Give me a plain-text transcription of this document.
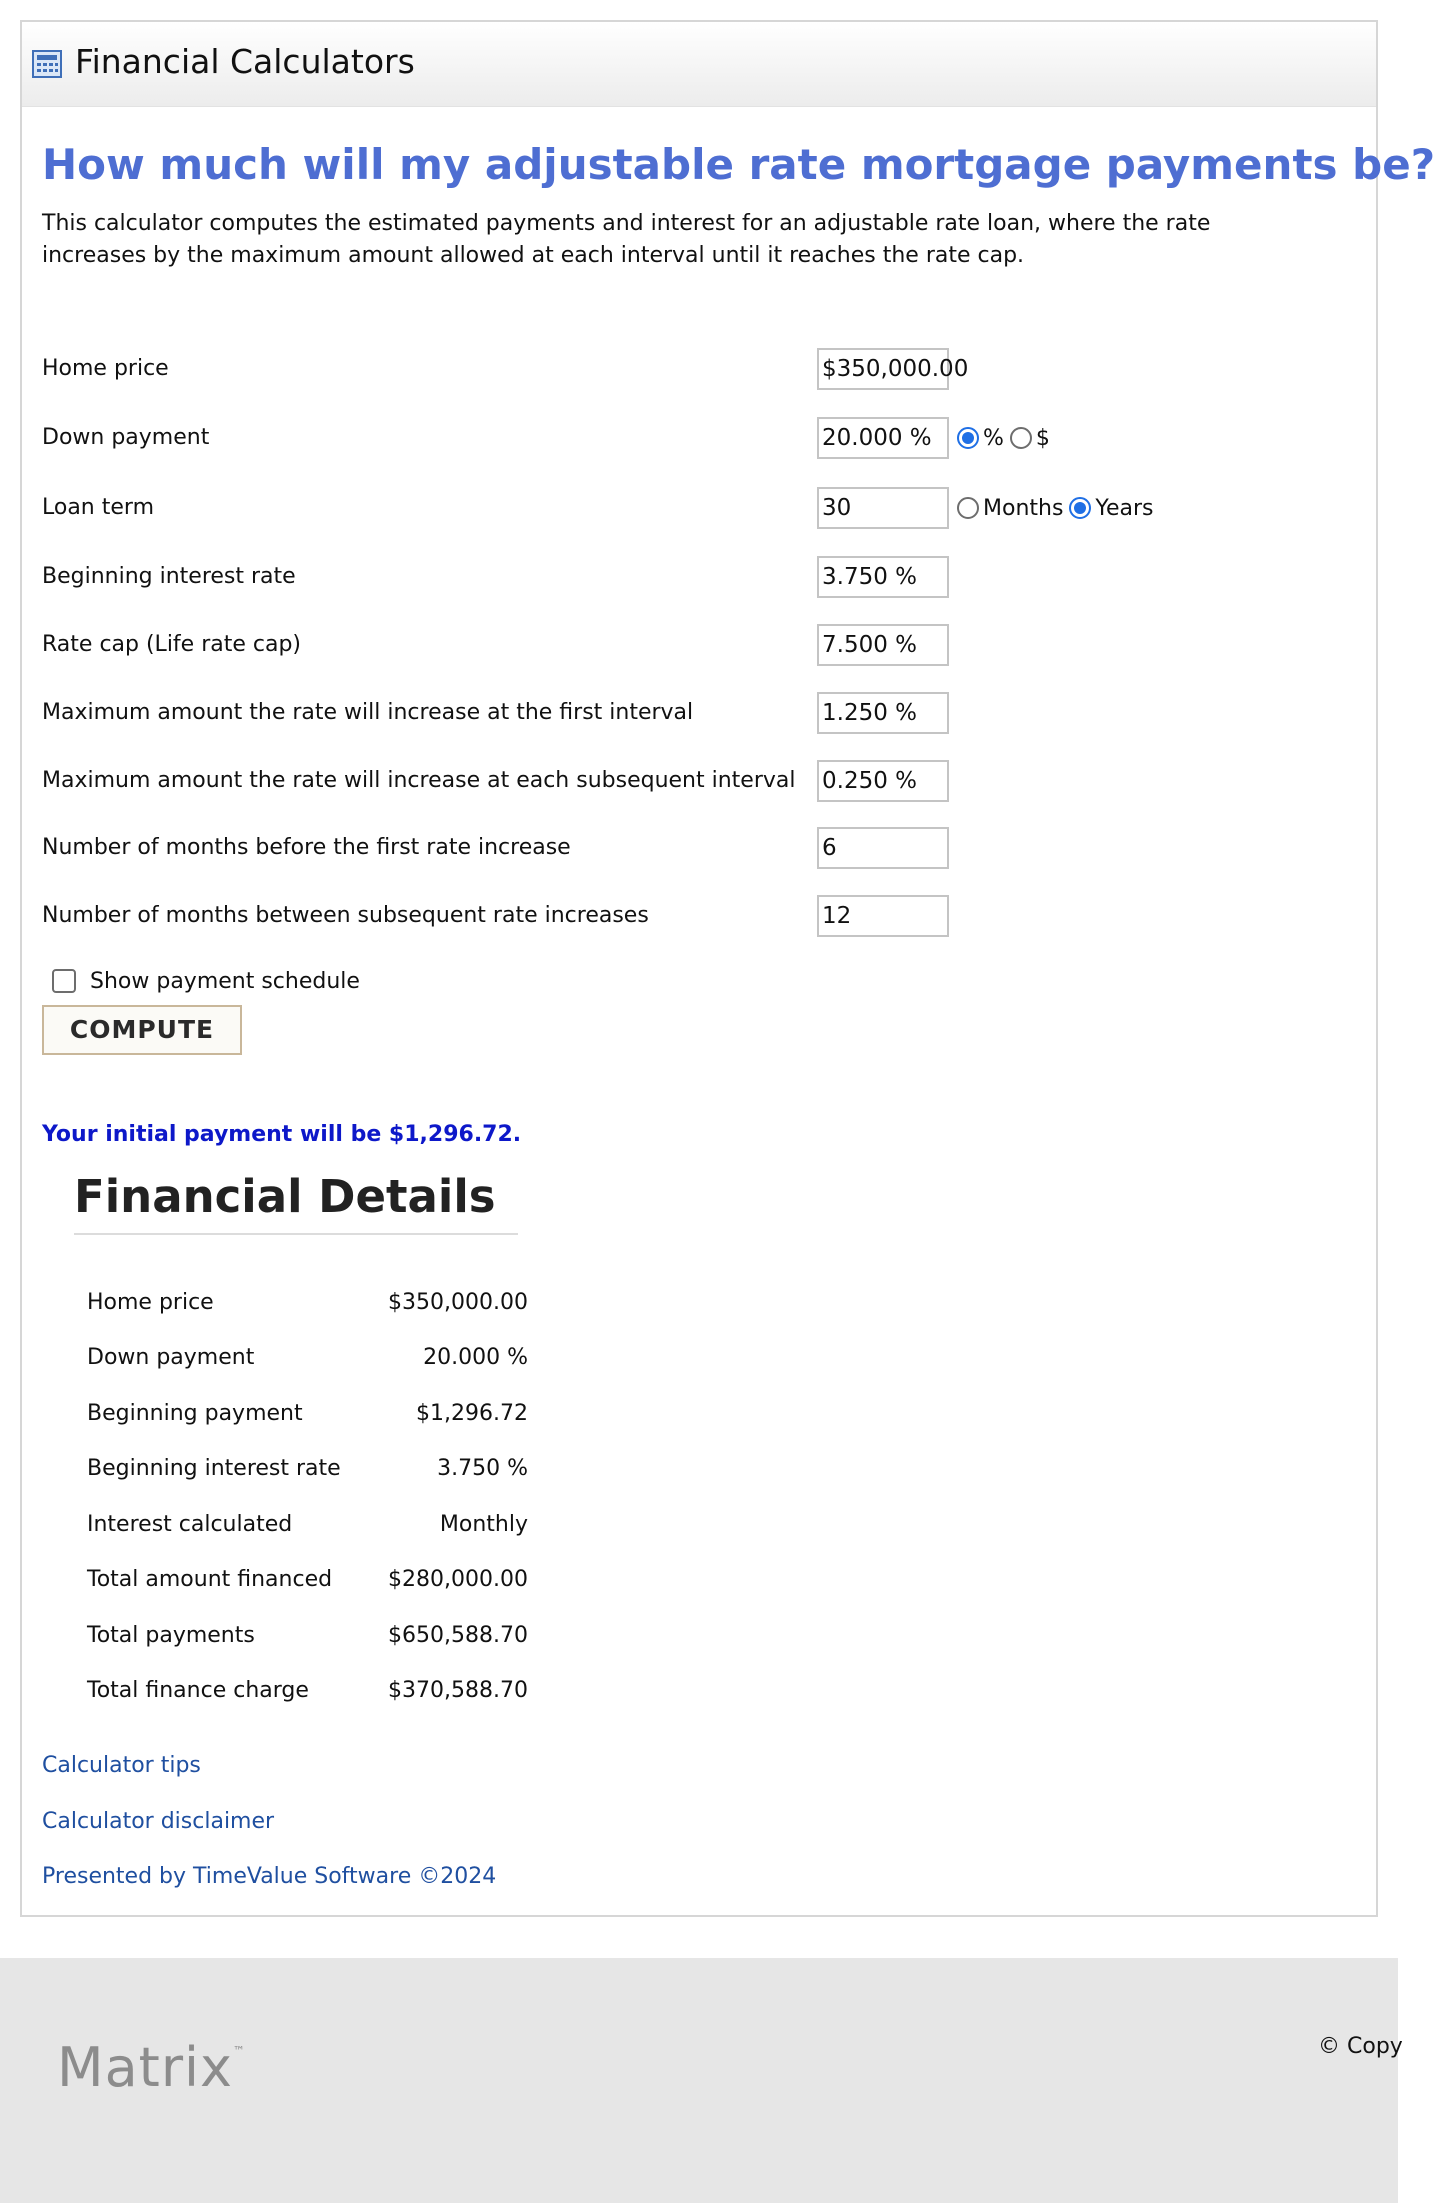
Financial Calculators
How much will my adjustable rate mortgage payments be?
This calculator computes the estimated payments and interest for an adjustable rate loan, where the rate increases by the maximum amount allowed at each interval until it reaches the rate cap.
Home price	$350,000.00
Down payment	20.000 %	% $
Loan term	30	Months Years
Beginning interest rate	3.750 %
Rate cap (Life rate cap)	7.500 %
Maximum amount the rate will increase at the first interval	1.250 %
Maximum amount the rate will increase at each subsequent interval 0.250 %
Number of months before the first rate increase	6
Number of months between subsequent rate increases	12
Show payment schedule
COMPUTE
Your initial payment will be $1,296.72.
Financial Details
Home price	$350,000.00
Down payment	20.000 %
Beginning payment	$1,296.72
Beginning interest rate	3.750 %
Interest calculated	Monthly
Total amount financed	$280,000.00
Total payments	$650,588.70
Total finance charge	$370,588.70
Calculator tips
Calculator disclaimer
Presented by TimeValue Software ©2024
Matrix™	© Copy
